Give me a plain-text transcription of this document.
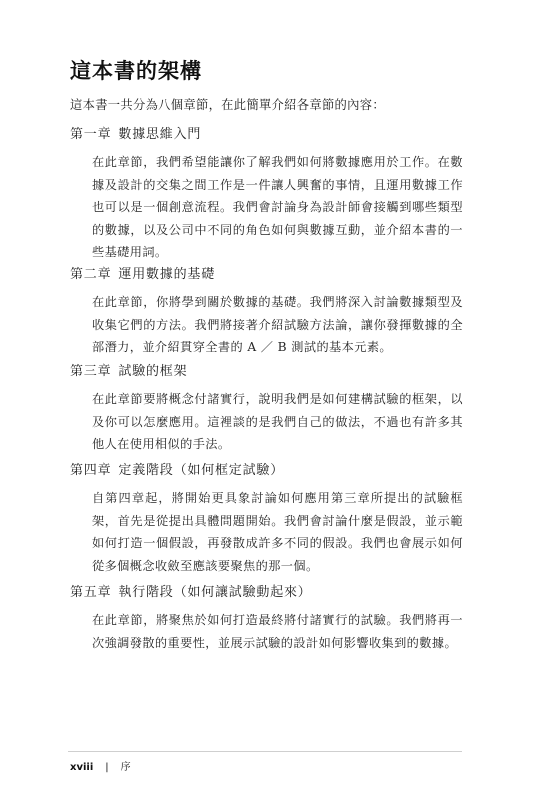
這本書的架構
這本書一共分為八個章節，在此簡單介紹各章節的內容：
第一章 數據思維入門
在此章節，我們希望能讓你了解我們如何將數據應用於工作。在數據及設計的交集之間工作是一件讓人興奮的事情，且運用數據工作也可以是一個創意流程。我們會討論身為設計師會接觸到哪些類型的數據，以及公司中不同的角色如何與數據互動，並介紹本書的一些基礎用詞。
第二章 運用數據的基礎
在此章節，你將學到關於數據的基礎。我們將深入討論數據類型及收集它們的方法。我們將接著介紹試驗方法論，讓你發揮數據的全部潛力，並介紹貫穿全書的 A ／ B 測試的基本元素。
第三章 試驗的框架
在此章節要將概念付諸實行，說明我們是如何建構試驗的框架，以及你可以怎麼應用。這裡談的是我們自己的做法，不過也有許多其他人在使用相似的手法。
第四章 定義階段（如何框定試驗）
自第四章起，將開始更具象討論如何應用第三章所提出的試驗框架，首先是從提出具體問題開始。我們會討論什麼是假設，並示範如何打造一個假設，再發散成許多不同的假設。我們也會展示如何從多個概念收斂至應該要聚焦的那一個。
第五章 執行階段（如何讓試驗動起來）
在此章節，將聚焦於如何打造最終將付諸實行的試驗。我們將再一次強調發散的重要性，並展示試驗的設計如何影響收集到的數據。
xviii | 序
